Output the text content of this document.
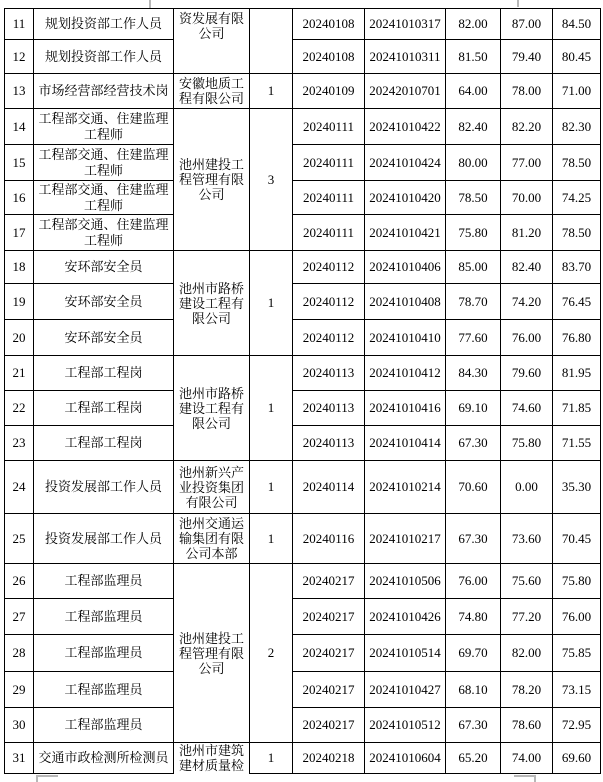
11	规划投资部工作人员	资发展有限公司		20240108	20241010317	82.00	87.00	84.50
12	规划投资部工作人员			20240108	20241010311	81.50	79.40	80.45
13	市场经营部经营技术岗	安徽地质工程有限公司	1	20240109	20242010701	64.00	78.00	71.00
14	工程部交通、住建监理工程师	池州建投工程管理有限公司	3	20240111	20241010422	82.40	82.20	82.30
15	工程部交通、住建监理工程师			20240111	20241010424	80.00	77.00	78.50
16	工程部交通、住建监理工程师			20240111	20241010420	78.50	70.00	74.25
17	工程部交通、住建监理工程师			20240111	20241010421	75.80	81.20	78.50
18	安环部安全员	池州市路桥建设工程有限公司	1	20240112	20241010406	85.00	82.40	83.70
19	安环部安全员			20240112	20241010408	78.70	74.20	76.45
20	安环部安全员			20240112	20241010410	77.60	76.00	76.80
21	工程部工程岗	池州市路桥建设工程有限公司	1	20240113	20241010412	84.30	79.60	81.95
22	工程部工程岗			20240113	20241010416	69.10	74.60	71.85
23	工程部工程岗			20240113	20241010414	67.30	75.80	71.55
24	投资发展部工作人员	池州新兴产业投资集团有限公司	1	20240114	20241010214	70.60	0.00	35.30
25	投资发展部工作人员	池州交通运输集团有限公司本部	1	20240116	20241010217	67.30	73.60	70.45
26	工程部监理员	池州建投工程管理有限公司	2	20240217	20241010506	76.00	75.60	75.80
27	工程部监理员			20240217	20241010426	74.80	77.20	76.00
28	工程部监理员			20240217	20241010514	69.70	82.00	75.85
29	工程部监理员			20240217	20241010427	68.10	78.20	73.15
30	工程部监理员			20240217	20241010512	67.30	78.60	72.95
31	交通市政检测所检测员	池州市建筑建材质量检	1	20240218	20241010604	65.20	74.00	69.60
